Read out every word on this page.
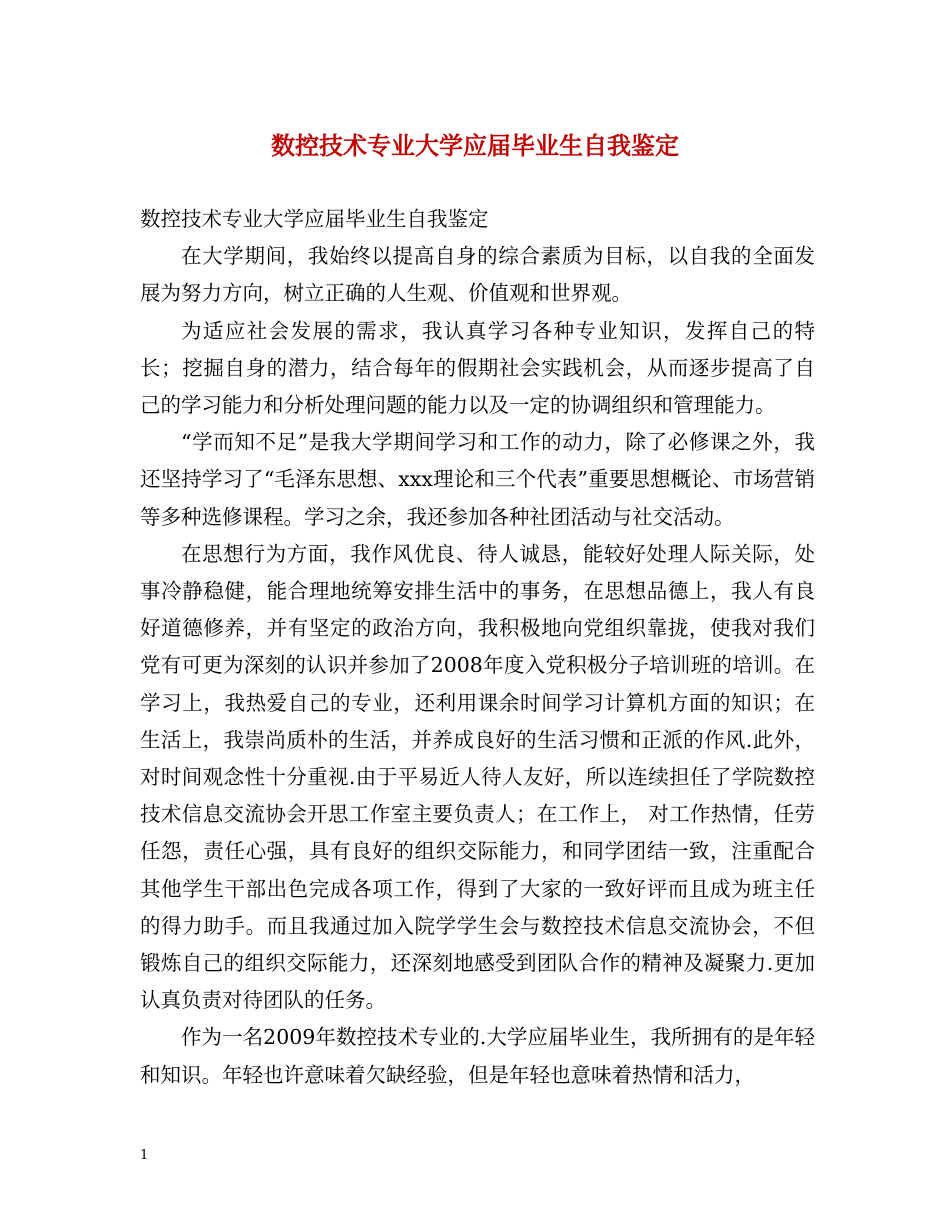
数控技术专业大学应届毕业生自我鉴定

数控技术专业大学应届毕业生自我鉴定

在大学期间，我始终以提高自身的综合素质为目标，以自我的全面发展为努力方向，树立正确的人生观、价值观和世界观。

为适应社会发展的需求，我认真学习各种专业知识，发挥自己的特长；挖掘自身的潜力，结合每年的假期社会实践机会，从而逐步提高了自己的学习能力和分析处理问题的能力以及一定的协调组织和管理能力。

“学而知不足”是我大学期间学习和工作的动力，除了必修课之外，我还坚持学习了“毛泽东思想、xxx理论和三个代表”重要思想概论、市场营销等多种选修课程。学习之余，我还参加各种社团活动与社交活动。

在思想行为方面，我作风优良、待人诚恳，能较好处理人际关际，处事冷静稳健，能合理地统筹安排生活中的事务，在思想品德上，我人有良好道德修养，并有坚定的政治方向，我积极地向党组织靠拢，使我对我们党有可更为深刻的认识并参加了2008年度入党积极分子培训班的培训。在学习上，我热爱自己的专业，还利用课余时间学习计算机方面的知识；在生活上，我崇尚质朴的生活，并养成良好的生活习惯和正派的作风.此外，对时间观念性十分重视.由于平易近人待人友好，所以连续担任了学院数控技术信息交流协会开思工作室主要负责人；在工作上， 对工作热情，任劳任怨，责任心强，具有良好的组织交际能力，和同学团结一致，注重配合其他学生干部出色完成各项工作，得到了大家的一致好评而且成为班主任的得力助手。而且我通过加入院学学生会与数控技术信息交流协会，不但锻炼自己的组织交际能力，还深刻地感受到团队合作的精神及凝聚力.更加认真负责对待团队的任务。

作为一名2009年数控技术专业的.大学应届毕业生，我所拥有的是年轻和知识。年轻也许意味着欠缺经验，但是年轻也意味着热情和活力，

1
